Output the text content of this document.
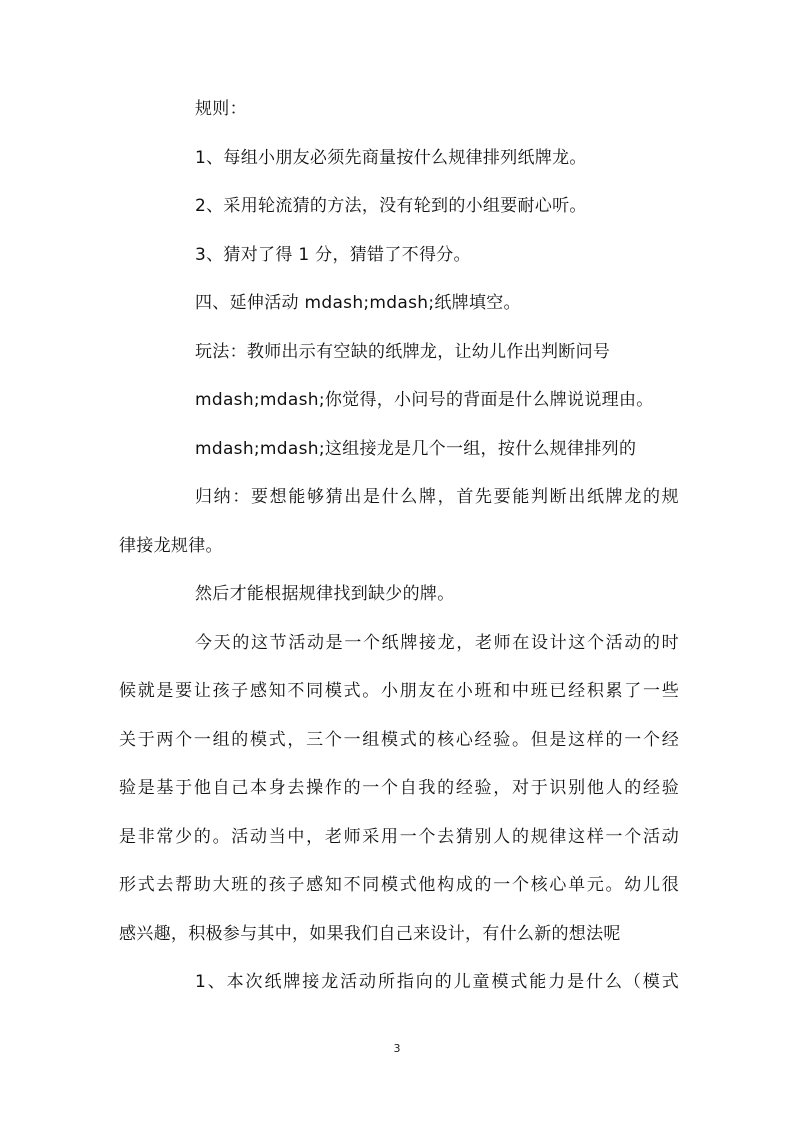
规则：
1、每组小朋友必须先商量按什么规律排列纸牌龙。
2、采用轮流猜的方法，没有轮到的小组要耐心听。
3、猜对了得 1 分，猜错了不得分。
四、延伸活动 mdash;mdash;纸牌填空。
玩法：教师出示有空缺的纸牌龙，让幼儿作出判断问号
mdash;mdash;你觉得，小问号的背面是什么牌说说理由。
mdash;mdash;这组接龙是几个一组，按什么规律排列的
归纳：要想能够猜出是什么牌，首先要能判断出纸牌龙的规
律接龙规律。
然后才能根据规律找到缺少的牌。
今天的这节活动是一个纸牌接龙，老师在设计这个活动的时
候就是要让孩子感知不同模式。小朋友在小班和中班已经积累了一些
关于两个一组的模式，三个一组模式的核心经验。但是这样的一个经
验是基于他自己本身去操作的一个自我的经验，对于识别他人的经验
是非常少的。活动当中，老师采用一个去猜别人的规律这样一个活动
形式去帮助大班的孩子感知不同模式他构成的一个核心单元。幼儿很
感兴趣，积极参与其中，如果我们自己来设计，有什么新的想法呢
1、本次纸牌接龙活动所指向的儿童模式能力是什么（模式
3
